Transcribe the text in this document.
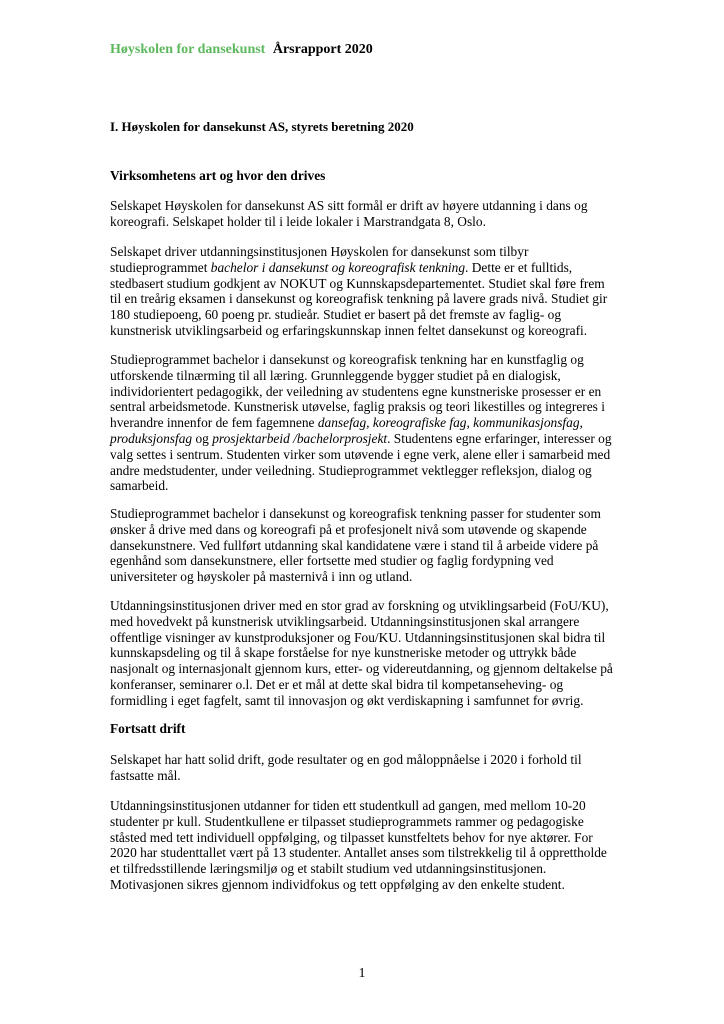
Høyskolen for dansekunst Årsrapport 2020
I. Høyskolen for dansekunst AS, styrets beretning 2020
Virksomhetens art og hvor den drives

Selskapet Høyskolen for dansekunst AS sitt formål er drift av høyere utdanning i dans og koreografi. Selskapet holder til i leide lokaler i Marstrandgata 8, Oslo.

Selskapet driver utdanningsinstitusjonen Høyskolen for dansekunst som tilbyr studieprogrammet bachelor i dansekunst og koreografisk tenkning. Dette er et fulltids, stedbasert studium godkjent av NOKUT og Kunnskapsdepartementet. Studiet skal føre frem til en treårig eksamen i dansekunst og koreografisk tenkning på lavere grads nivå. Studiet gir 180 studiepoeng, 60 poeng pr. studieår. Studiet er basert på det fremste av faglig- og kunstnerisk utviklingsarbeid og erfaringskunnskap innen feltet dansekunst og koreografi.

Studieprogrammet bachelor i dansekunst og koreografisk tenkning har en kunstfaglig og utforskende tilnærming til all læring. Grunnleggende bygger studiet på en dialogisk, individorientert pedagogikk, der veiledning av studentens egne kunstneriske prosesser er en sentral arbeidsmetode. Kunstnerisk utøvelse, faglig praksis og teori likestilles og integreres i hverandre innenfor de fem fagemnene dansefag, koreografiske fag, kommunikasjonsfag, produksjonsfag og prosjektarbeid /bachelorprosjekt. Studentens egne erfaringer, interesser og valg settes i sentrum. Studenten virker som utøvende i egne verk, alene eller i samarbeid med andre medstudenter, under veiledning. Studieprogrammet vektlegger refleksjon, dialog og samarbeid.

Studieprogrammet bachelor i dansekunst og koreografisk tenkning passer for studenter som ønsker å drive med dans og koreografi på et profesjonelt nivå som utøvende og skapende dansekunstnere. Ved fullført utdanning skal kandidatene være i stand til å arbeide videre på egenhånd som dansekunstnere, eller fortsette med studier og faglig fordypning ved universiteter og høyskoler på masternivå i inn og utland.

Utdanningsinstitusjonen driver med en stor grad av forskning og utviklingsarbeid (FoU/KU), med hovedvekt på kunstnerisk utviklingsarbeid. Utdanningsinstitusjonen skal arrangere offentlige visninger av kunstproduksjoner og Fou/KU. Utdanningsinstitusjonen skal bidra til kunnskapsdeling og til å skape forståelse for nye kunstneriske metoder og uttrykk både nasjonalt og internasjonalt gjennom kurs, etter- og videreutdanning, og gjennom deltakelse på konferanser, seminarer o.l. Det er et mål at dette skal bidra til kompetanseheving- og formidling i eget fagfelt, samt til innovasjon og økt verdiskapning i samfunnet for øvrig.

Fortsatt drift

Selskapet har hatt solid drift, gode resultater og en god måloppnåelse i 2020 i forhold til fastsatte mål.

Utdanningsinstitusjonen utdanner for tiden ett studentkull ad gangen, med mellom 10-20 studenter pr kull. Studentkullene er tilpasset studieprogrammets rammer og pedagogiske ståsted med tett individuell oppfølging, og tilpasset kunstfeltets behov for nye aktører. For 2020 har studenttallet vært på 13 studenter. Antallet anses som tilstrekkelig til å opprettholde et tilfredsstillende læringsmiljø og et stabilt studium ved utdanningsinstitusjonen. Motivasjonen sikres gjennom individfokus og tett oppfølging av den enkelte student.

1
